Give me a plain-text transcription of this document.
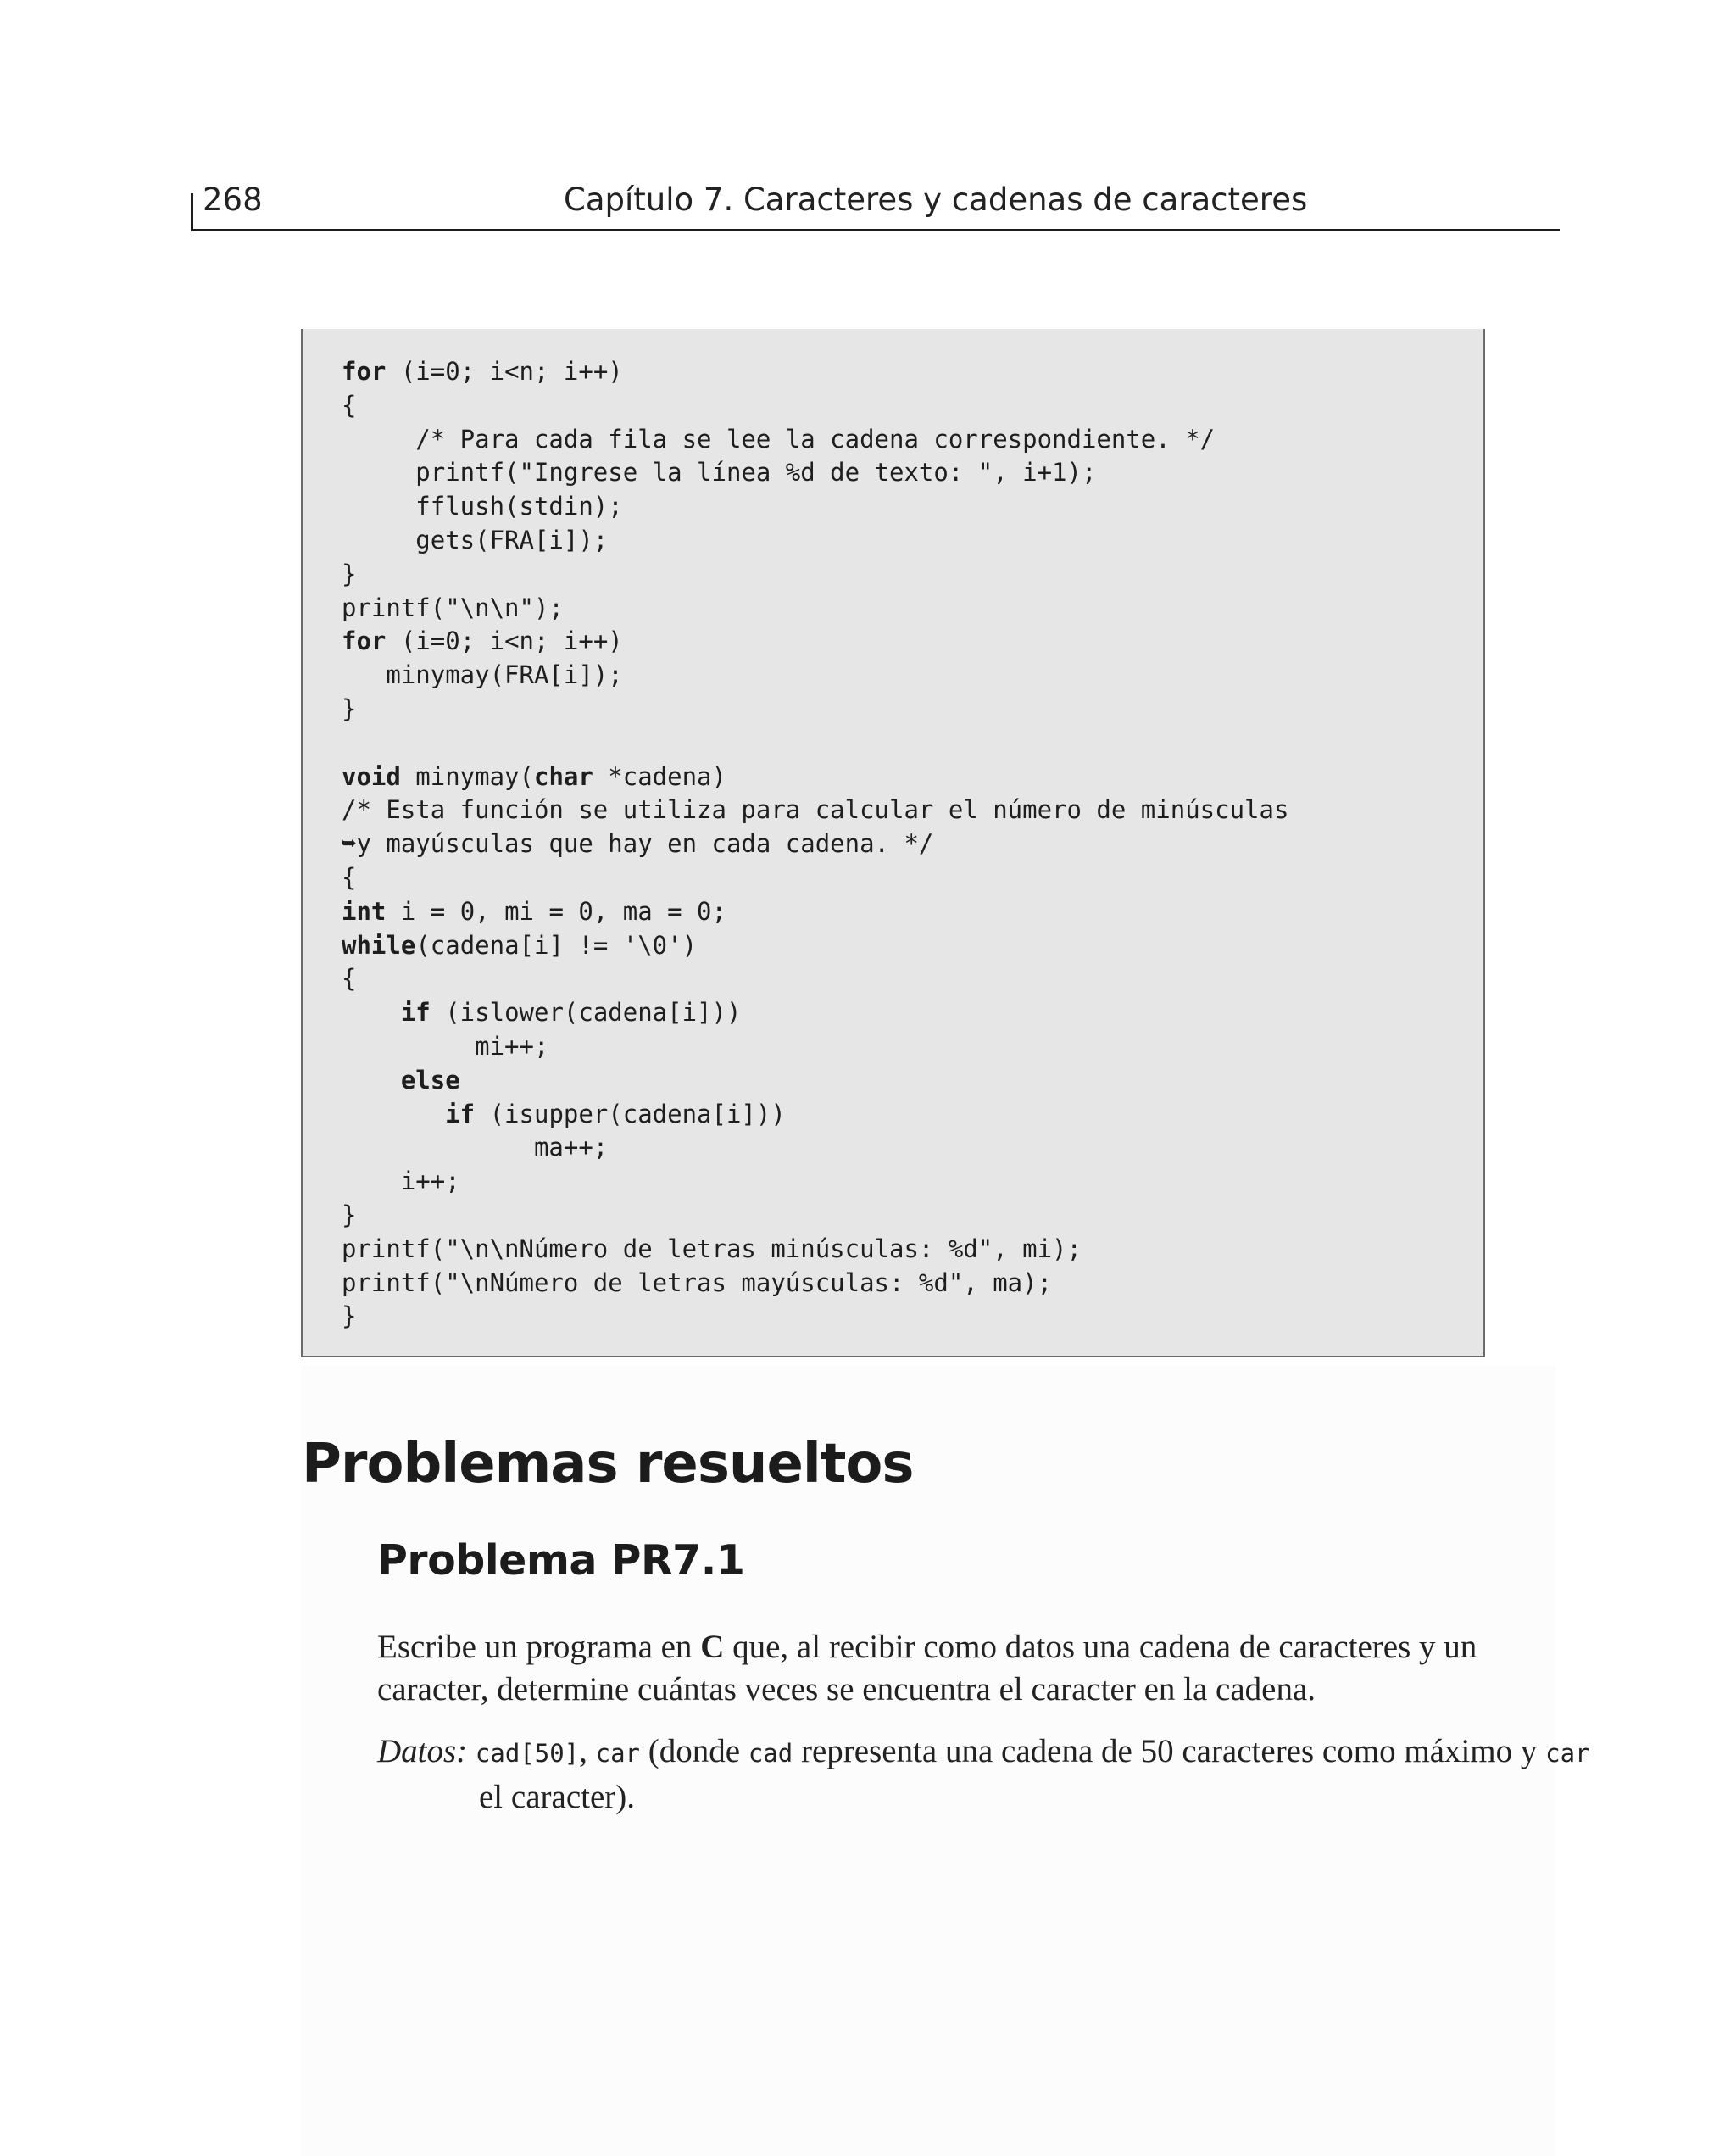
268	Capítulo 7. Caracteres y cadenas de caracteres
for (i=0; i<n; i++)
{
/* Para cada fila se lee la cadena correspondiente. */
printf("Ingrese la línea %d de texto: ", i+1);
fflush(stdin);
gets(FRA[i]);
}
printf("\n\n");
for (i=0; i<n; i++)
minymay(FRA[i]);
}
void minymay(char *cadena)
/* Esta función se utiliza para calcular el número de minúsculas
➥y mayúsculas que hay en cada cadena. */
{
int i = 0, mi = 0, ma = 0;
while(cadena[i] != '\0')
{
if (islower(cadena[i]))
mi++;
else
if (isupper(cadena[i]))
ma++;
i++;
}
printf("\n\nNúmero de letras minúsculas: %d", mi);
printf("\nNúmero de letras mayúsculas: %d", ma);
}
Problemas resueltos
Problema PR7.1

Escribe un programa en C que, al recibir como datos una cadena de caracteres y un caracter, determine cuántas veces se encuentra el caracter en la cadena.

Datos: cad[50], car (donde cad representa una cadena de 50 caracteres como máximo y car el caracter).
